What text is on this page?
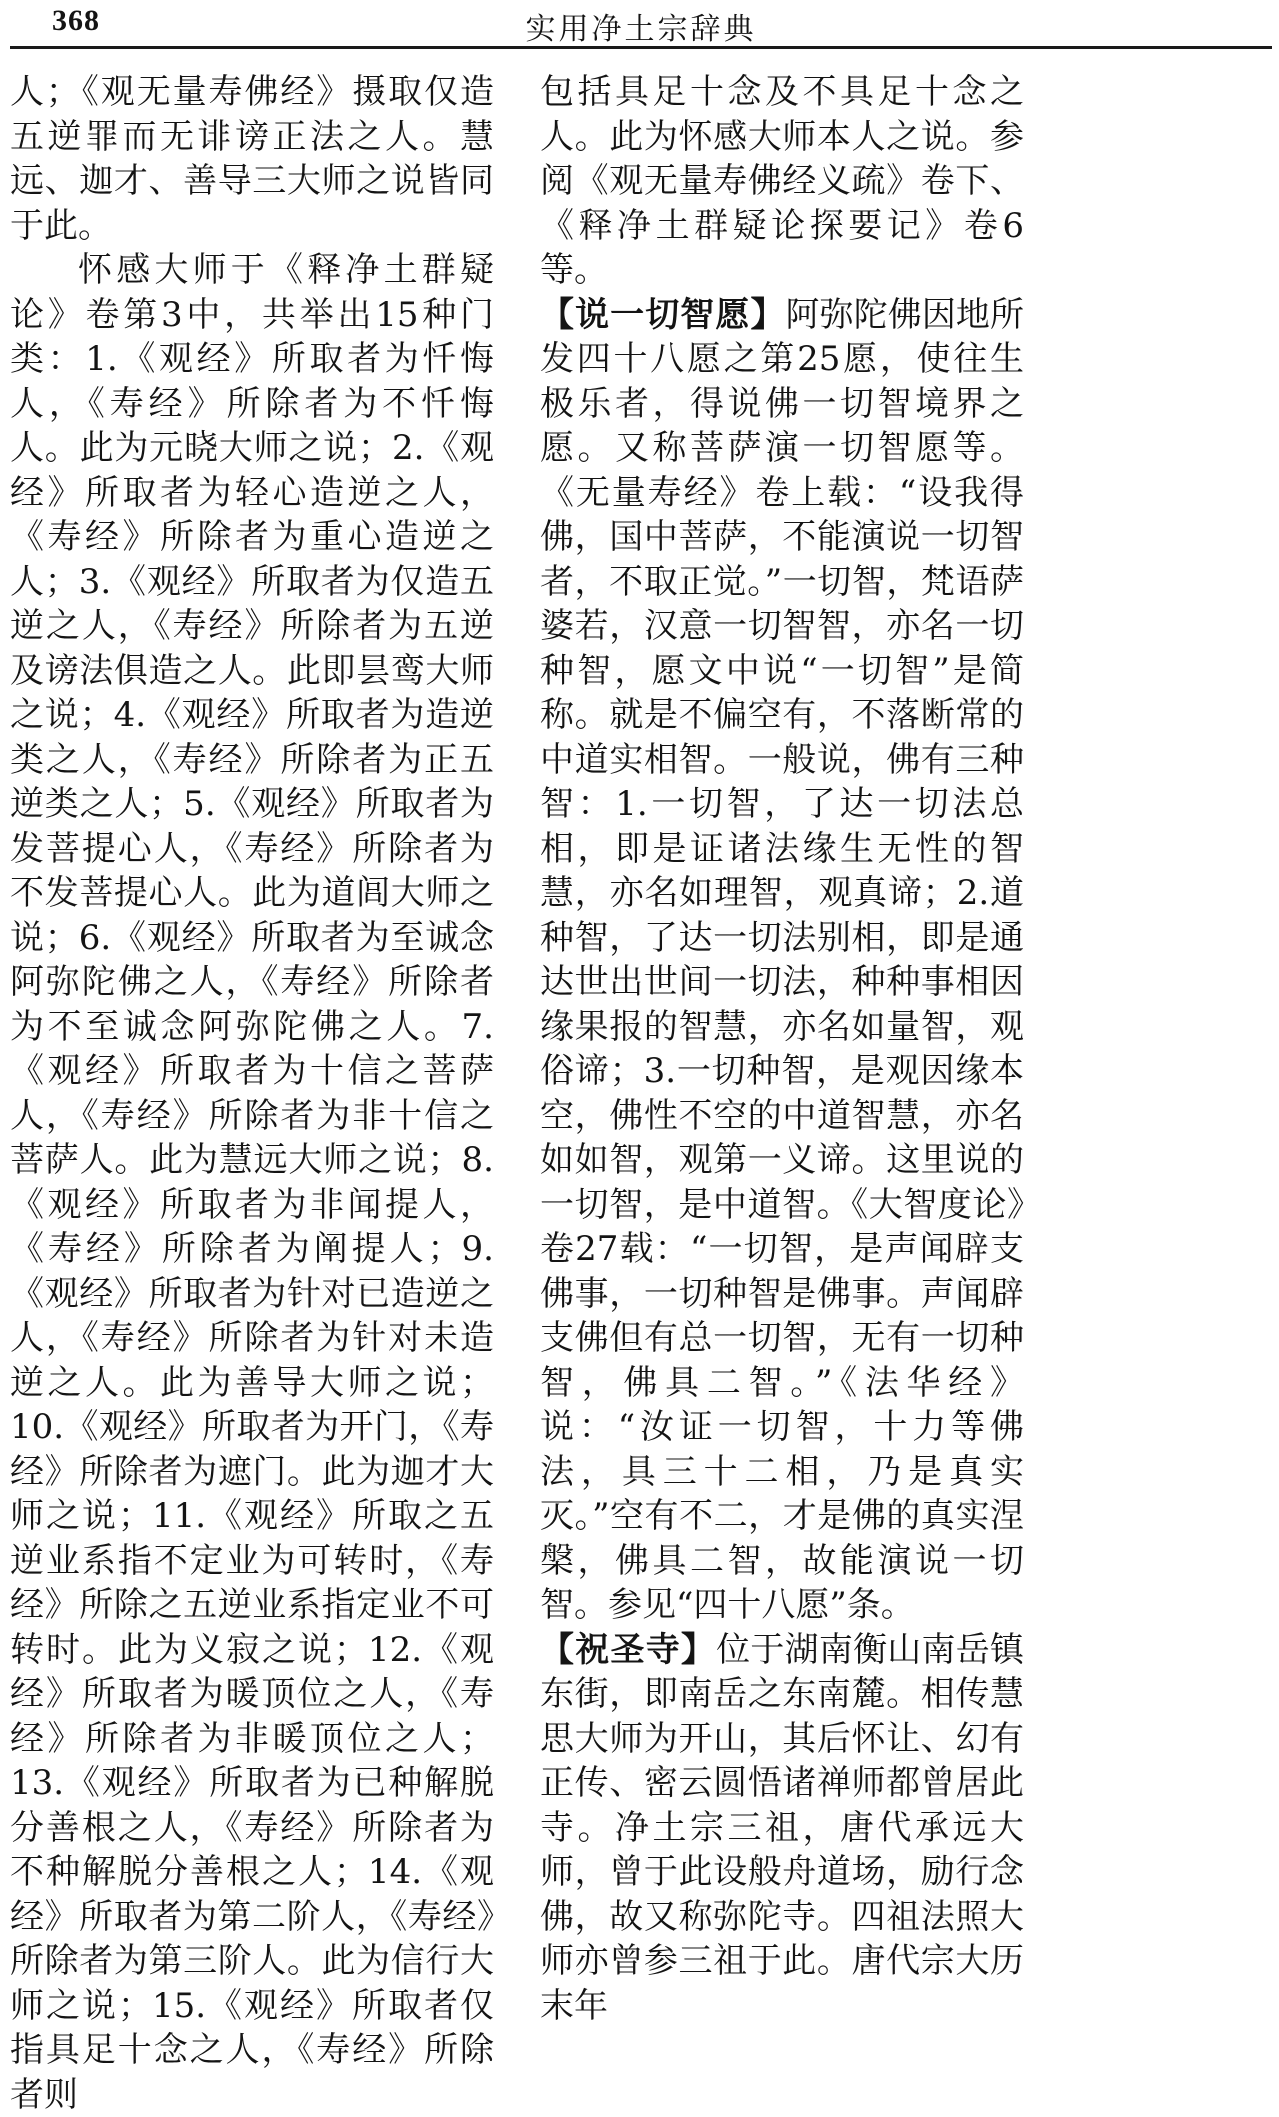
368	实用净土宗辞典

人；《观无量寿佛经》摄取仅造五逆罪而无诽谤正法之人。慧远、迦才、善导三大师之说皆同于此。

怀感大师于《释净土群疑论》卷第3中，共举出15种门类：1.《观经》所取者为忏悔人，《寿经》所除者为不忏悔人。此为元晓大师之说；2.《观经》所取者为轻心造逆之人，《寿经》所除者为重心造逆之人；3.《观经》所取者为仅造五逆之人，《寿经》所除者为五逆及谤法俱造之人。此即昙鸾大师之说；4.《观经》所取者为造逆类之人，《寿经》所除者为正五逆类之人；5.《观经》所取者为发菩提心人，《寿经》所除者为不发菩提心人。此为道闾大师之说；6.《观经》所取者为至诚念阿弥陀佛之人，《寿经》所除者为不至诚念阿弥陀佛之人。7.《观经》所取者为十信之菩萨人，《寿经》所除者为非十信之菩萨人。此为慧远大师之说；8.《观经》所取者为非闻提人，《寿经》所除者为阐提人；9.《观经》所取者为针对已造逆之人，《寿经》所除者为针对未造逆之人。此为善导大师之说；10.《观经》所取者为开门，《寿经》所除者为遮门。此为迦才大师之说；11.《观经》所取之五逆业系指不定业为可转时，《寿经》所除之五逆业系指定业不可转时。此为义寂之说；12.《观经》所取者为暖顶位之人，《寿经》所除者为非暖顶位之人；13.《观经》所取者为已种解脱分善根之人，《寿经》所除者为不种解脱分善根之人；14.《观经》所取者为第二阶人，《寿经》所除者为第三阶人。此为信行大师之说；15.《观经》所取者仅指具足十念之人，《寿经》所除者则

包括具足十念及不具足十念之人。此为怀感大师本人之说。参阅《观无量寿佛经义疏》卷下、《释净土群疑论探要记》卷6等。

【说一切智愿】阿弥陀佛因地所发四十八愿之第25愿，使往生极乐者，得说佛一切智境界之愿。又称菩萨演一切智愿等。《无量寿经》卷上载：“设我得佛，国中菩萨，不能演说一切智者，不取正觉。”一切智，梵语萨婆若，汉意一切智智，亦名一切种智，愿文中说“一切智”是简称。就是不偏空有，不落断常的中道实相智。一般说，佛有三种智：1.一切智，了达一切法总相，即是证诸法缘生无性的智慧，亦名如理智，观真谛；2.道种智，了达一切法别相，即是通达世出世间一切法，种种事相因缘果报的智慧，亦名如量智，观俗谛；3.一切种智，是观因缘本空，佛性不空的中道智慧，亦名如如智，观第一义谛。这里说的一切智，是中道智。《大智度论》卷27载：“一切智，是声闻辟支佛事，一切种智是佛事。声闻辟支佛但有总一切智，无有一切种智，佛具二智。”《法华经》说：“汝证一切智，十力等佛法，具三十二相，乃是真实灭。”空有不二，才是佛的真实涅槃，佛具二智，故能演说一切智。参见“四十八愿”条。

【祝圣寺】位于湖南衡山南岳镇东街，即南岳之东南麓。相传慧思大师为开山，其后怀让、幻有正传、密云圆悟诸禅师都曾居此寺。净土宗三祖，唐代承远大师，曾于此设般舟道场，励行念佛，故又称弥陀寺。四祖法照大师亦曾参三祖于此。唐代宗大历末年
